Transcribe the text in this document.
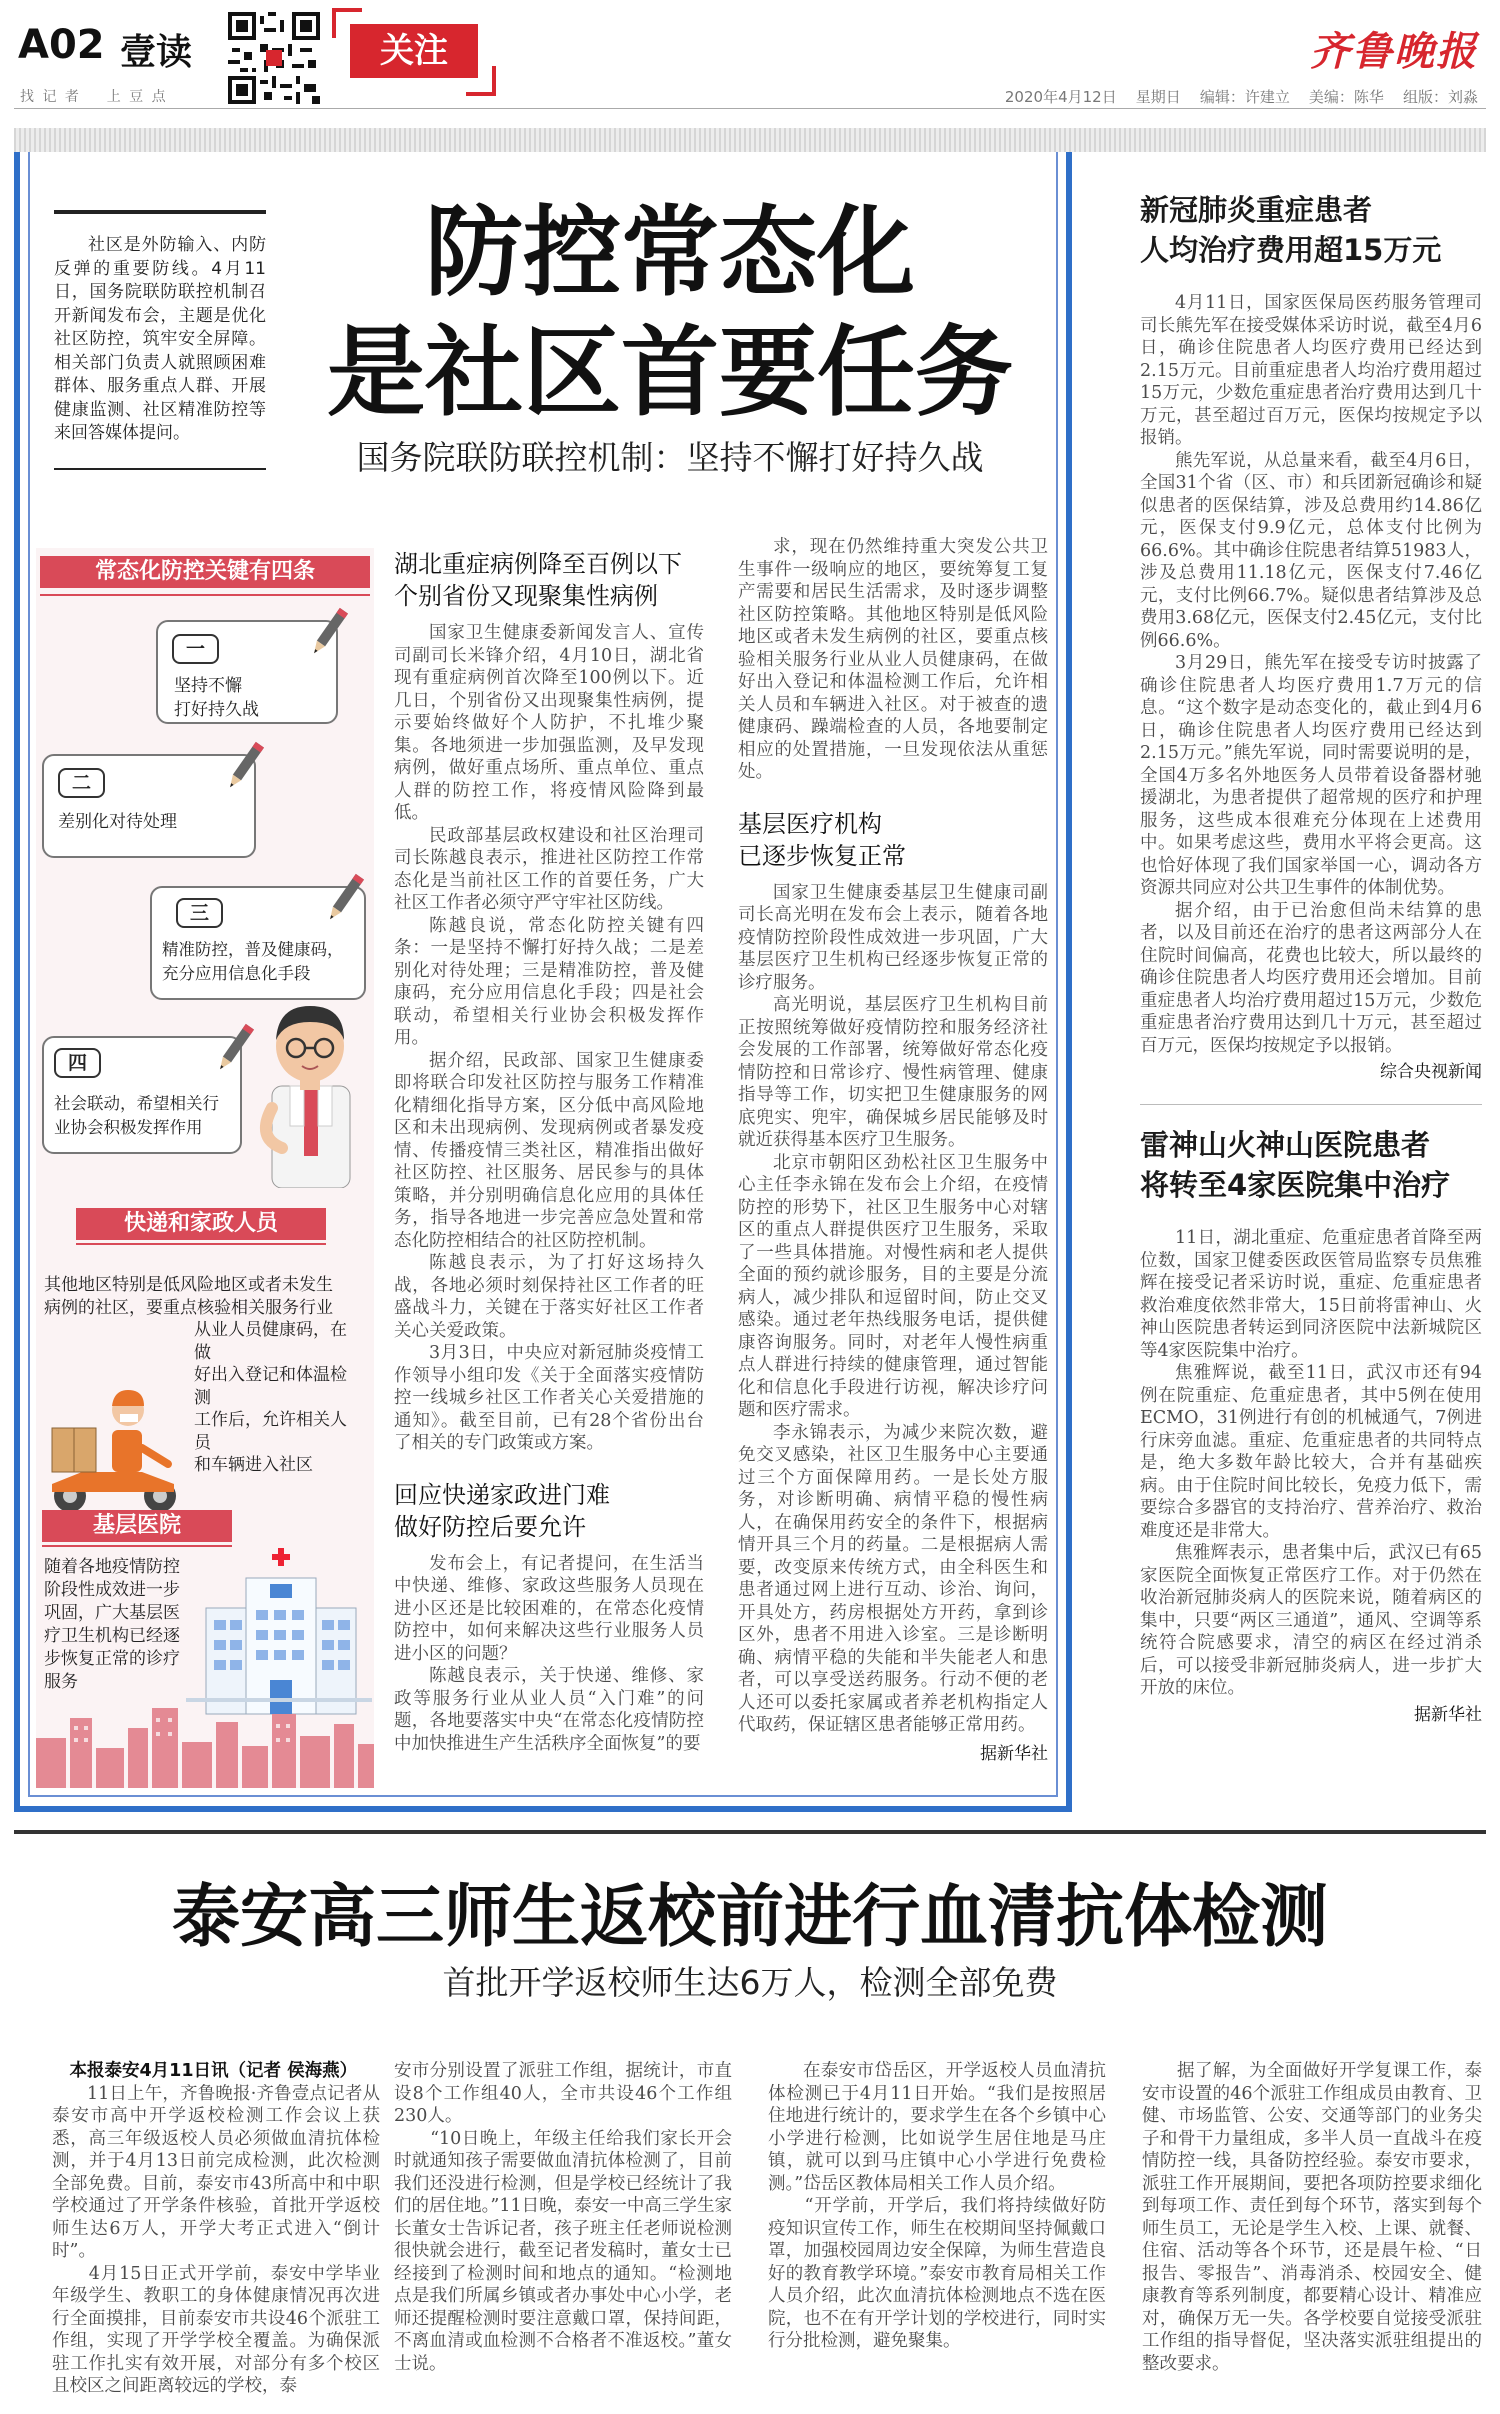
A02 壹读
找 记 者    上 豆 点
关注	齐鲁晚报
2020年4月12日    星期日    编辑：许建立    美编：陈华    组版：刘淼
社区是外防输入、内防反弹的重要防线。4月11日，国务院联防联控机制召开新闻发布会，主题是优化社区防控，筑牢安全屏障。相关部门负责人就照顾困难群体、服务重点人群、开展健康监测、社区精准防控等来回答媒体提问。
防控常态化
是社区首要任务
国务院联防联控机制：坚持不懈打好持久战
常态化防控关键有四条
一
坚持不懈
打好持久战
二
差别化对待处理
三
精准防控，普及健康码，
充分应用信息化手段
四
社会联动，希望相关行
业协会积极发挥作用
快递和家政人员
其他地区特别是低风险地区或者未发生
病例的社区，要重点核验相关服务行业
从业人员健康码，在做
好出入登记和体温检测
工作后，允许相关人员
和车辆进入社区
基层医院
随着各地疫情防控阶段性成效进一步巩固，广大基层医疗卫生机构已经逐步恢复正常的诊疗服务
湖北重症病例降至百例以下
个别省份又现聚集性病例

国家卫生健康委新闻发言人、宣传司副司长米锋介绍，4月10日，湖北省现有重症病例首次降至100例以下。近几日，个别省份又出现聚集性病例，提示要始终做好个人防护，不扎堆少聚集。各地须进一步加强监测，及早发现病例，做好重点场所、重点单位、重点人群的防控工作，将疫情风险降到最低。

民政部基层政权建设和社区治理司司长陈越良表示，推进社区防控工作常态化是当前社区工作的首要任务，广大社区工作者必须守严守牢社区防线。

陈越良说，常态化防控关键有四条：一是坚持不懈打好持久战；二是差别化对待处理；三是精准防控，普及健康码，充分应用信息化手段；四是社会联动，希望相关行业协会积极发挥作用。

据介绍，民政部、国家卫生健康委即将联合印发社区防控与服务工作精准化精细化指导方案，区分低中高风险地区和未出现病例、发现病例或者暴发疫情、传播疫情三类社区，精准指出做好社区防控、社区服务、居民参与的具体策略，并分别明确信息化应用的具体任务，指导各地进一步完善应急处置和常态化防控相结合的社区防控机制。

陈越良表示，为了打好这场持久战，各地必须时刻保持社区工作者的旺盛战斗力，关键在于落实好社区工作者关心关爱政策。

3月3日，中央应对新冠肺炎疫情工作领导小组印发《关于全面落实疫情防控一线城乡社区工作者关心关爱措施的通知》。截至目前，已有28个省份出台了相关的专门政策或方案。

回应快递家政进门难
做好防控后要允许

发布会上，有记者提问，在生活当中快递、维修、家政这些服务人员现在进小区还是比较困难的，在常态化疫情防控中，如何来解决这些行业服务人员进小区的问题？

陈越良表示，关于快递、维修、家政等服务行业从业人员“入门难”的问题，各地要落实中央“在常态化疫情防控中加快推进生产生活秩序全面恢复”的要

求，现在仍然维持重大突发公共卫生事件一级响应的地区，要统筹复工复产需要和居民生活需求，及时逐步调整社区防控策略。其他地区特别是低风险地区或者未发生病例的社区，要重点核验相关服务行业从业人员健康码，在做好出入登记和体温检测工作后，允许相关人员和车辆进入社区。对于被查的遗健康码、躁端检查的人员，各地要制定相应的处置措施，一旦发现依法从重惩处。

基层医疗机构
已逐步恢复正常

国家卫生健康委基层卫生健康司副司长高光明在发布会上表示，随着各地疫情防控阶段性成效进一步巩固，广大基层医疗卫生机构已经逐步恢复正常的诊疗服务。

高光明说，基层医疗卫生机构目前正按照统筹做好疫情防控和服务经济社会发展的工作部署，统筹做好常态化疫情防控和日常诊疗、慢性病管理、健康指导等工作，切实把卫生健康服务的网底兜实、兜牢，确保城乡居民能够及时就近获得基本医疗卫生服务。

北京市朝阳区劲松社区卫生服务中心主任李永锦在发布会上介绍，在疫情防控的形势下，社区卫生服务中心对辖区的重点人群提供医疗卫生服务，采取了一些具体措施。对慢性病和老人提供全面的预约就诊服务，目的主要是分流病人，减少排队和逗留时间，防止交叉感染。通过老年热线服务电话，提供健康咨询服务。同时，对老年人慢性病重点人群进行持续的健康管理，通过智能化和信息化手段进行访视，解决诊疗问题和医疗需求。

李永锦表示，为减少来院次数，避免交叉感染，社区卫生服务中心主要通过三个方面保障用药。一是长处方服务，对诊断明确、病情平稳的慢性病人，在确保用药安全的条件下，根据病情开具三个月的药量。二是根据病人需要，改变原来传统方式，由全科医生和患者通过网上进行互动、诊治、询问，开具处方，药房根据处方开药，拿到诊区外，患者不用进入诊室。三是诊断明确、病情平稳的失能和半失能老人和患者，可以享受送药服务。行动不便的老人还可以委托家属或者养老机构指定人代取药，保证辖区患者能够正常用药。

据新华社
新冠肺炎重症患者
人均治疗费用超15万元

4月11日，国家医保局医药服务管理司司长熊先军在接受媒体采访时说，截至4月6日，确诊住院患者人均医疗费用已经达到2.15万元。目前重症患者人均治疗费用超过15万元，少数危重症患者治疗费用达到几十万元，甚至超过百万元，医保均按规定予以报销。

熊先军说，从总量来看，截至4月6日，全国31个省（区、市）和兵团新冠确诊和疑似患者的医保结算，涉及总费用约14.86亿元，医保支付9.9亿元，总体支付比例为66.6%。其中确诊住院患者结算51983人，涉及总费用11.18亿元，医保支付7.46亿元，支付比例66.7%。疑似患者结算涉及总费用3.68亿元，医保支付2.45亿元，支付比例66.6%。

3月29日，熊先军在接受专访时披露了确诊住院患者人均医疗费用1.7万元的信息。“这个数字是动态变化的，截止到4月6日，确诊住院患者人均医疗费用已经达到2.15万元。”熊先军说，同时需要说明的是，全国4万多名外地医务人员带着设备器材驰援湖北，为患者提供了超常规的医疗和护理服务，这些成本很难充分体现在上述费用中。如果考虑这些，费用水平将会更高。这也恰好体现了我们国家举国一心，调动各方资源共同应对公共卫生事件的体制优势。

据介绍，由于已治愈但尚未结算的患者，以及目前还在治疗的患者这两部分人在住院时间偏高，花费也比较大，所以最终的确诊住院患者人均医疗费用还会增加。目前重症患者人均治疗费用超过15万元，少数危重症患者治疗费用达到几十万元，甚至超过百万元，医保均按规定予以报销。

综合央视新闻
雷神山火神山医院患者
将转至4家医院集中治疗

11日，湖北重症、危重症患者首降至两位数，国家卫健委医政医管局监察专员焦雅辉在接受记者采访时说，重症、危重症患者救治难度依然非常大，15日前将雷神山、火神山医院患者转运到同济医院中法新城院区等4家医院集中治疗。

焦雅辉说，截至11日，武汉市还有94例在院重症、危重症患者，其中5例在使用ECMO，31例进行有创的机械通气，7例进行床旁血滤。重症、危重症患者的共同特点是，绝大多数年龄比较大，合并有基础疾病。由于住院时间比较长，免疫力低下，需要综合多器官的支持治疗、营养治疗、救治难度还是非常大。

焦雅辉表示，患者集中后，武汉已有65家医院全面恢复正常医疗工作。对于仍然在收治新冠肺炎病人的医院来说，随着病区的集中，只要“两区三通道”，通风、空调等系统符合院感要求，清空的病区在经过消杀后，可以接受非新冠肺炎病人，进一步扩大开放的床位。

据新华社
泰安高三师生返校前进行血清抗体检测
首批开学返校师生达6万人，检测全部免费
本报泰安4月11日讯（记者 侯海燕）
11日上午，齐鲁晚报·齐鲁壹点记者从泰安市高中开学返校检测工作会议上获悉，高三年级返校人员必须做血清抗体检测，并于4月13日前完成检测，此次检测全部免费。目前，泰安市43所高中和中职学校通过了开学条件核验，首批开学返校师生达6万人，开学大考正式进入“倒计时”。
　　4月15日正式开学前，泰安中学毕业年级学生、教职工的身体健康情况再次进行全面摸排，目前泰安市共设46个派驻工作组，实现了开学学校全覆盖。为确保派驻工作扎实有效开展，对部分有多个校区且校区之间距离较远的学校，泰
安市分别设置了派驻工作组，据统计，市直设8个工作组40人，全市共设46个工作组230人。
　　“10日晚上，年级主任给我们家长开会时就通知孩子需要做血清抗体检测了，目前我们还没进行检测，但是学校已经统计了我们的居住地。”11日晚，泰安一中高三学生家长董女士告诉记者，孩子班主任老师说检测很快就会进行，截至记者发稿时，董女士已经接到了检测时间和地点的通知。“检测地点是我们所属乡镇或者办事处中心小学，老师还提醒检测时要注意戴口罩，保持间距，不离血清或血检测不合格者不准返校。”董女士说。
在泰安市岱岳区，开学返校人员血清抗体检测已于4月11日开始。“我们是按照居住地进行统计的，要求学生在各个乡镇中心小学进行检测，比如说学生居住地是马庄镇，就可以到马庄镇中心小学进行免费检测。”岱岳区教体局相关工作人员介绍。
　　“开学前，开学后，我们将持续做好防疫知识宣传工作，师生在校期间坚持佩戴口罩，加强校园周边安全保障，为师生营造良好的教育教学环境。”泰安市教育局相关工作人员介绍，此次血清抗体检测地点不选在医院，也不在有开学计划的学校进行，同时实行分批检测，避免聚集。
据了解，为全面做好开学复课工作，泰安市设置的46个派驻工作组成员由教育、卫健、市场监管、公安、交通等部门的业务尖子和骨干力量组成，多半人员一直战斗在疫情防控一线，具备防控经验。泰安市要求，派驻工作开展期间，要把各项防控要求细化到每项工作、责任到每个环节，落实到每个师生员工，无论是学生入校、上课、就餐、住宿、活动等各个环节，还是晨午检、“日报告、零报告”、消毒消杀、校园安全、健康教育等系列制度，都要精心设计、精准应对，确保万无一失。各学校要自觉接受派驻工作组的指导督促，坚决落实派驻组提出的整改要求。
